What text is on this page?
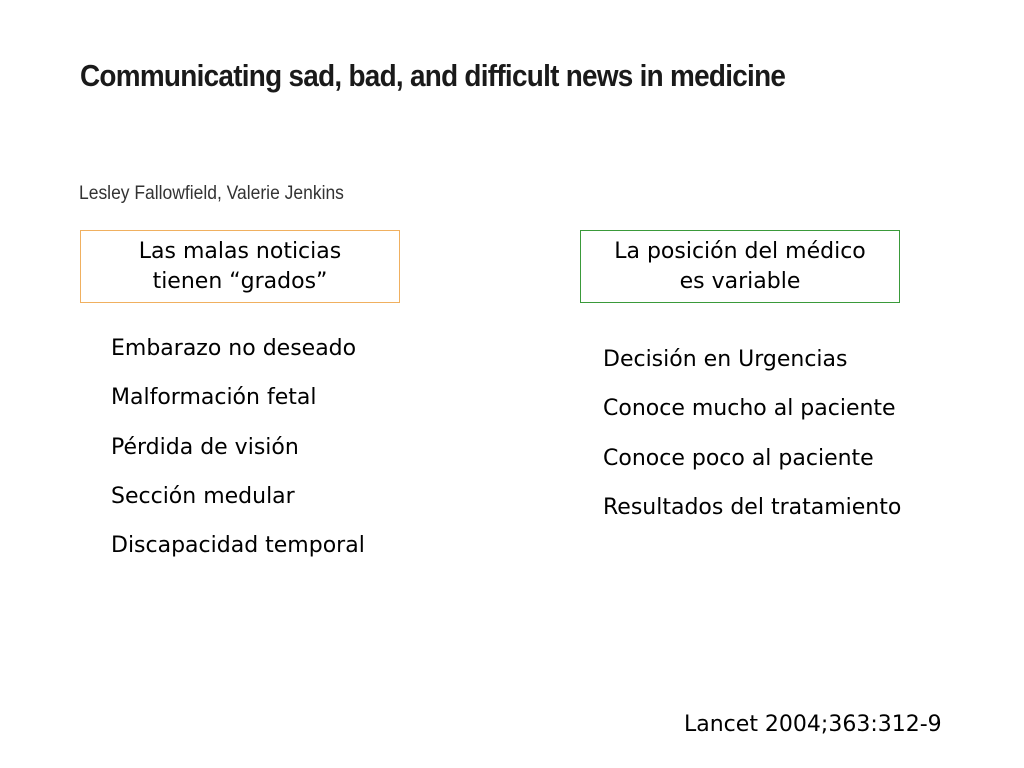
Communicating sad, bad, and difficult news in medicine
Lesley Fallowfield, Valerie Jenkins
Las malas noticias
tienen “grados”
La posición del médico
es variable
Embarazo no deseado
Malformación fetal
Pérdida de visión
Sección medular
Discapacidad temporal
Decisión en Urgencias
Conoce mucho al paciente
Conoce poco al paciente
Resultados del tratamiento
Lancet 2004;363:312-9
